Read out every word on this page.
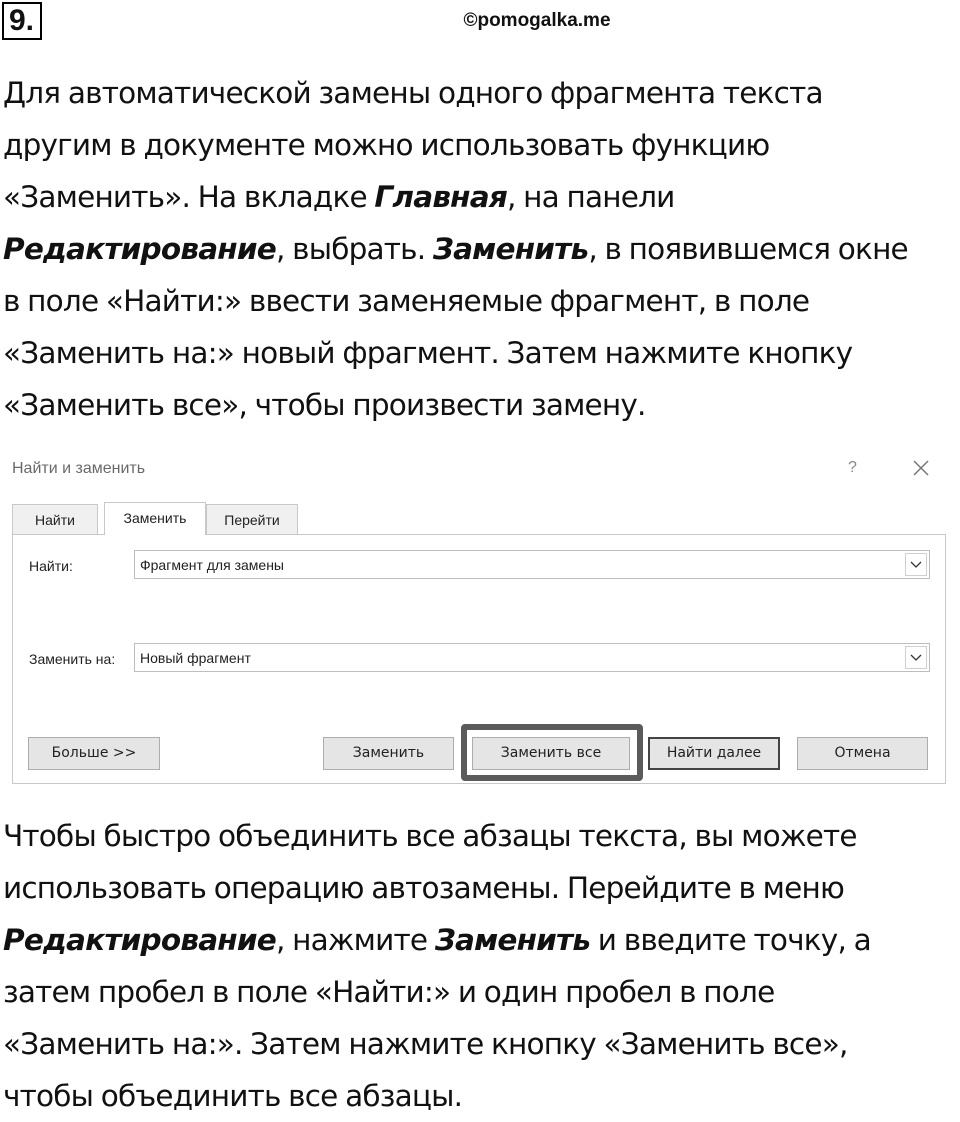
9.	©pomogalka.me
Для автоматической замены одного фрагмента текста
другим в документе можно использовать функцию
«Заменить». На вкладке Главная, на панели
Редактирование, выбрать. Заменить, в появившемся окне
в поле «Найти:» ввести заменяемые фрагмент, в поле
«Заменить на:» новый фрагмент. Затем нажмите кнопку
«Заменить все», чтобы произвести замену.
Найти и заменить	?
Найти	Заменить	Перейти
Найти:	Фрагмент для замены
Заменить на: Новый фрагмент
Больше >>	Заменить	Заменить все	Найти далее	Отмена
Чтобы быстро объединить все абзацы текста, вы можете
использовать операцию автозамены. Перейдите в меню
Редактирование, нажмите Заменить и введите точку, а
затем пробел в поле «Найти:» и один пробел в поле
«Заменить на:». Затем нажмите кнопку «Заменить все»,
чтобы объединить все абзацы.
